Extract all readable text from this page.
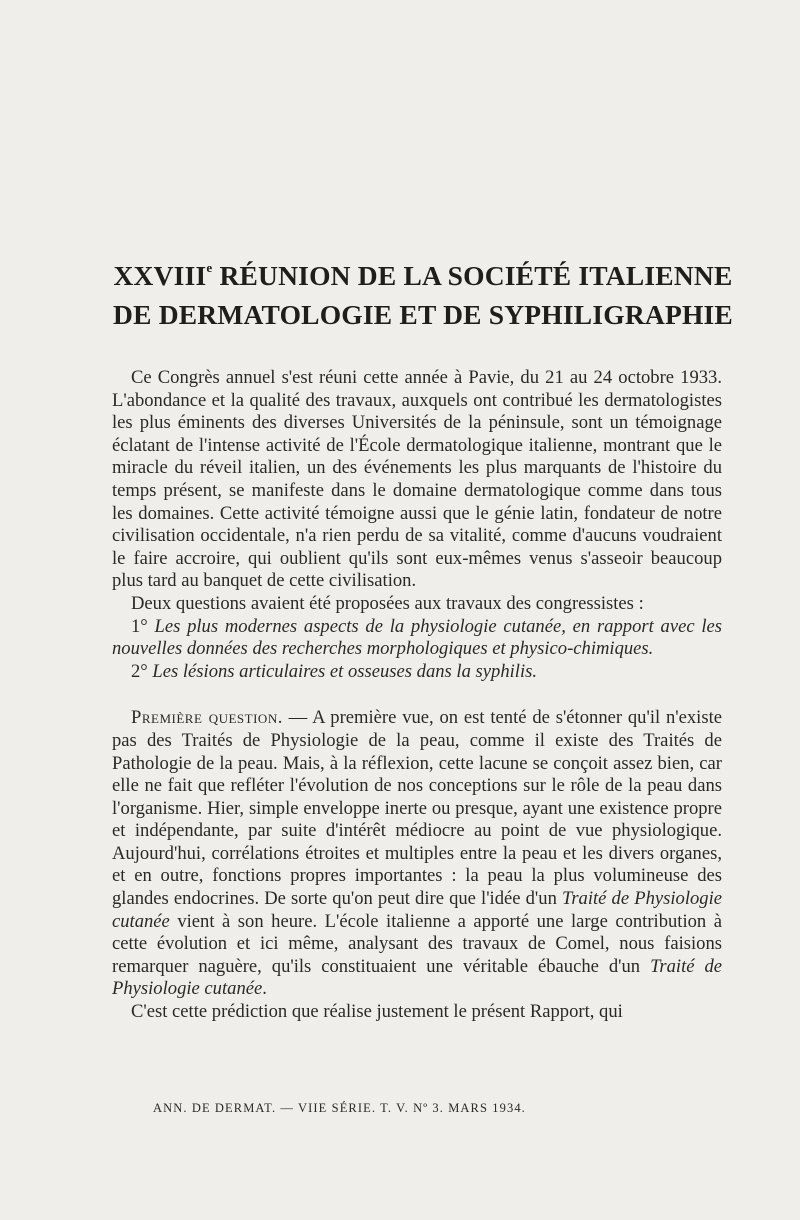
XXVIIIe RÉUNION DE LA SOCIÉTÉ ITALIENNE
DE DERMATOLOGIE ET DE SYPHILIGRAPHIE

Ce Congrès annuel s'est réuni cette année à Pavie, du 21 au 24 octobre 1933. L'abondance et la qualité des travaux, auxquels ont contribué les dermatologistes les plus éminents des diverses Universités de la péninsule, sont un témoignage éclatant de l'intense activité de l'École dermatologique italienne, montrant que le miracle du réveil italien, un des événements les plus marquants de l'histoire du temps présent, se manifeste dans le domaine dermatologique comme dans tous les domaines. Cette activité témoigne aussi que le génie latin, fondateur de notre civilisation occidentale, n'a rien perdu de sa vitalité, comme d'aucuns voudraient le faire accroire, qui oublient qu'ils sont eux-mêmes venus s'asseoir beaucoup plus tard au banquet de cette civilisation.

Deux questions avaient été proposées aux travaux des congressistes :

1° Les plus modernes aspects de la physiologie cutanée, en rapport avec les nouvelles données des recherches morphologiques et physico-chimiques.

2° Les lésions articulaires et osseuses dans la syphilis.

Première question. — A première vue, on est tenté de s'étonner qu'il n'existe pas des Traités de Physiologie de la peau, comme il existe des Traités de Pathologie de la peau. Mais, à la réflexion, cette lacune se conçoit assez bien, car elle ne fait que refléter l'évolution de nos conceptions sur le rôle de la peau dans l'organisme. Hier, simple enveloppe inerte ou presque, ayant une existence propre et indépendante, par suite d'intérêt médiocre au point de vue physiologique. Aujourd'hui, corrélations étroites et multiples entre la peau et les divers organes, et en outre, fonctions propres importantes : la peau la plus volumineuse des glandes endocrines. De sorte qu'on peut dire que l'idée d'un Traité de Physiologie cutanée vient à son heure. L'école italienne a apporté une large contribution à cette évolution et ici même, analysant des travaux de Comel, nous faisions remarquer naguère, qu'ils constituaient une véritable ébauche d'un Traité de Physiologie cutanée.

C'est cette prédiction que réalise justement le présent Rapport, qui

ANN. DE DERMAT. — VIIE SÉRIE. T. V. Nº 3. MARS 1934.
